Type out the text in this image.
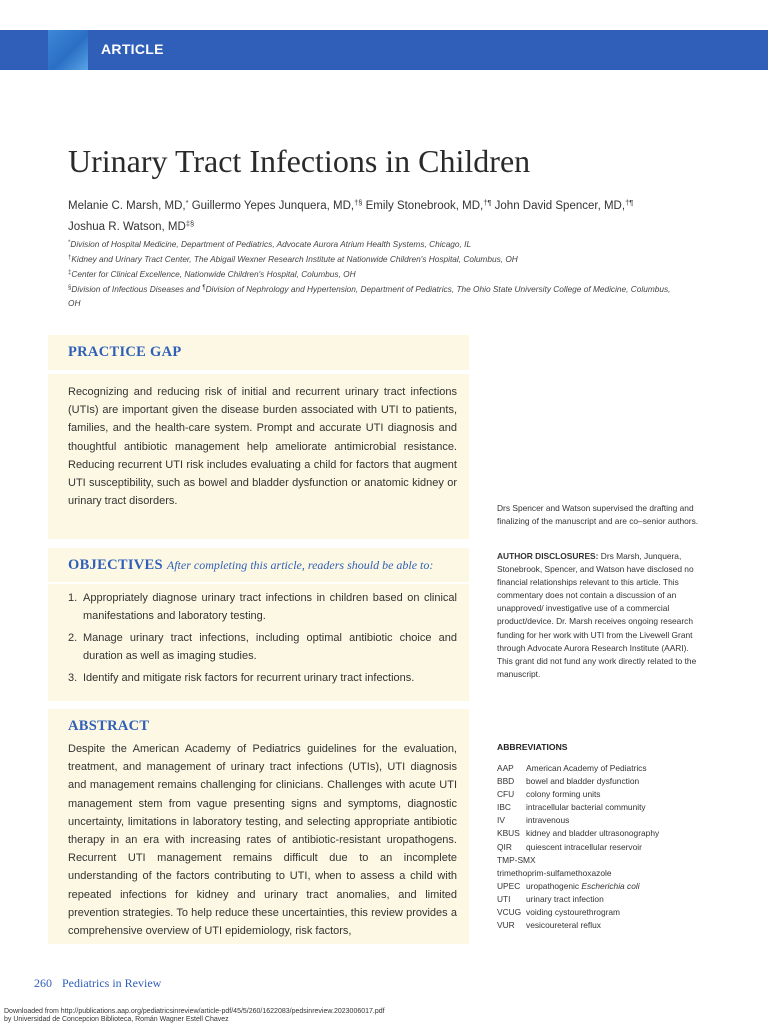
ARTICLE
Urinary Tract Infections in Children
Melanie C. Marsh, MD,* Guillermo Yepes Junquera, MD,†§ Emily Stonebrook, MD,†¶ John David Spencer, MD,†¶
Joshua R. Watson, MD‡§
*Division of Hospital Medicine, Department of Pediatrics, Advocate Aurora Atrium Health Systems, Chicago, IL
†Kidney and Urinary Tract Center, The Abigail Wexner Research Institute at Nationwide Children's Hospital, Columbus, OH
‡Center for Clinical Excellence, Nationwide Children's Hospital, Columbus, OH
§Division of Infectious Diseases and ¶Division of Nephrology and Hypertension, Department of Pediatrics, The Ohio State University College of Medicine, Columbus, OH
PRACTICE GAP
Recognizing and reducing risk of initial and recurrent urinary tract infections (UTIs) are important given the disease burden associated with UTI to patients, families, and the health-care system. Prompt and accurate UTI diagnosis and thoughtful antibiotic management help ameliorate antimicrobial resistance. Reducing recurrent UTI risk includes evaluating a child for factors that augment UTI susceptibility, such as bowel and bladder dysfunction or anatomic kidney or urinary tract disorders.
OBJECTIVES After completing this article, readers should be able to:
1. Appropriately diagnose urinary tract infections in children based on clinical manifestations and laboratory testing.
2. Manage urinary tract infections, including optimal antibiotic choice and duration as well as imaging studies.
3. Identify and mitigate risk factors for recurrent urinary tract infections.
ABSTRACT
Despite the American Academy of Pediatrics guidelines for the evaluation, treatment, and management of urinary tract infections (UTIs), UTI diagnosis and management remains challenging for clinicians. Challenges with acute UTI management stem from vague presenting signs and symptoms, diagnostic uncertainty, limitations in laboratory testing, and selecting appropriate antibiotic therapy in an era with increasing rates of antibiotic-resistant uropathogens. Recurrent UTI management remains difficult due to an incomplete understanding of the factors contributing to UTI, when to assess a child with repeated infections for kidney and urinary tract anomalies, and limited prevention strategies. To help reduce these uncertainties, this review provides a comprehensive overview of UTI epidemiology, risk factors,
Drs Spencer and Watson supervised the drafting and finalizing of the manuscript and are co–senior authors.
AUTHOR DISCLOSURES: Drs Marsh, Junquera, Stonebrook, Spencer, and Watson have disclosed no financial relationships relevant to this article. This commentary does not contain a discussion of an unapproved/ investigative use of a commercial product/device. Dr. Marsh receives ongoing research funding for her work with UTI from the Livewell Grant through Advocate Aurora Research Institute (AARI). This grant did not fund any work directly related to the manuscript.
ABBREVIATIONS
AAP	American Academy of Pediatrics
BBD	bowel and bladder dysfunction
CFU	colony forming units
IBC	intracellular bacterial community
IV	intravenous
KBUS kidney and bladder ultrasonography
QIR	quiescent intracellular reservoir
TMP-SMX
trimethoprim-sulfamethoxazole
UPEC uropathogenic Escherichia coli
UTI	urinary tract infection
VCUG voiding cystourethrogram
VUR	vesicoureteral reflux
260 Pediatrics in Review
Downloaded from http://publications.aap.org/pediatricsinreview/article-pdf/45/5/260/1622083/pedsinreview.2023006017.pdf
by Universidad de Concepcion Biblioteca, Román Wagner Estell Chavez
